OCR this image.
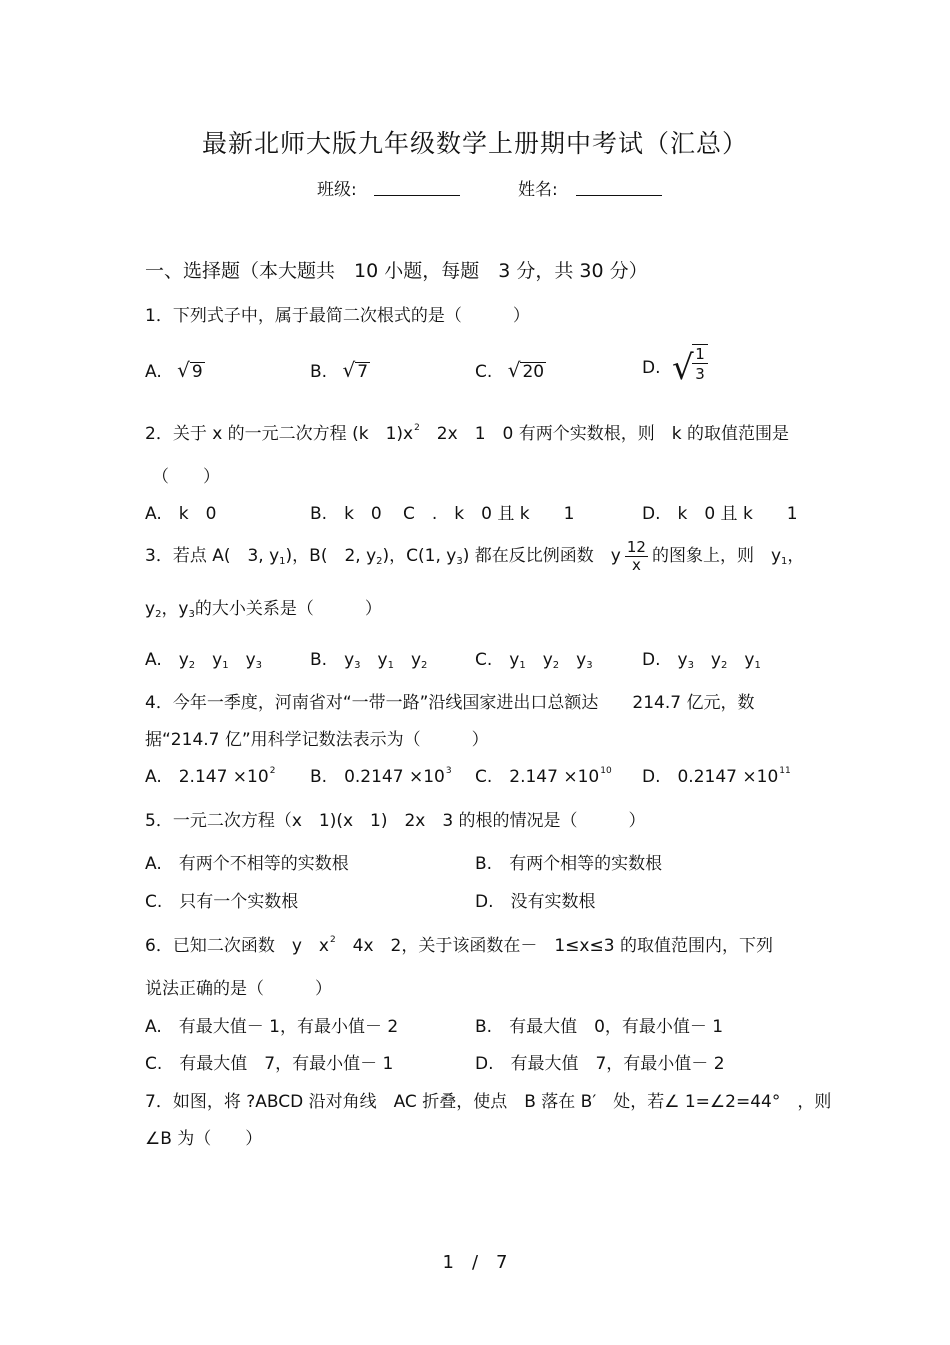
最新北师大版九年级数学上册期中考试（汇总）
班级:	姓名:
一、选择题（本大题共　10 小题，每题　3 分，共 30 分）
1．下列式子中，属于最简二次根式的是（　　　）
A. √ 9	B. √ 7	C. √ 20	D. √
$\frac{1}{3}$
2．关于 x 的一元二次方程 (k　$1)x^2$　2x　1　0 有两个实数根，则　k 的取值范围是
（　　）
A.　k　0	B.　k　0 C　.　k　0 且 k　　1	D.　k　0 且 k　　1
3．若点 A(　3, $y_1$)，B(　2, $y_2$)，C(1, $y_3$) 都在反比例函数　y $\frac{12}{x}$ 的图象上，则　$y_1$，
$y_2$，$y_3$的大小关系是（　　　）
A.　$y_2$　$y_1$　$y_3$	B.　$y_3$　$y_1$　$y_2$	C.　$y_1$　$y_2$　$y_3$	D.　$y_3$　$y_2$　$y_1$
4．今年一季度，河南省对“一带一路”沿线国家进出口总额达　　214.7 亿元，数
据“214.7 亿”用科学记数法表示为（　　　）
A.　$2.147 \times 10^2$ B.　$0.2147 \times 10^3$ C.　$2.147 \times 10^{10}$ D.　$0.2147 \times 10^{11}$
5．一元二次方程（x　1)(x　1)　2x　3 的根的情况是（　　　）
A.　有两个不相等的实数根	B.　有两个相等的实数根
C.　只有一个实数根	D.　没有实数根
6．已知二次函数　y　$x^2$　4x　2，关于该函数在－　1≤x≤3 的取值范围内，下列
说法正确的是（　　　）
A.　有最大值－ 1，有最小值－ 2	B.　有最大值　0，有最小值－ 1
C.　有最大值　7，有最小值－ 1	D.　有最大值　7，有最小值－ 2
7．如图，将 ?ABCD 沿对角线　AC 折叠，使点　B 落在 B′　处，若∠ 1=∠2=44°　，则
∠B 为（　　）
1　/　7
